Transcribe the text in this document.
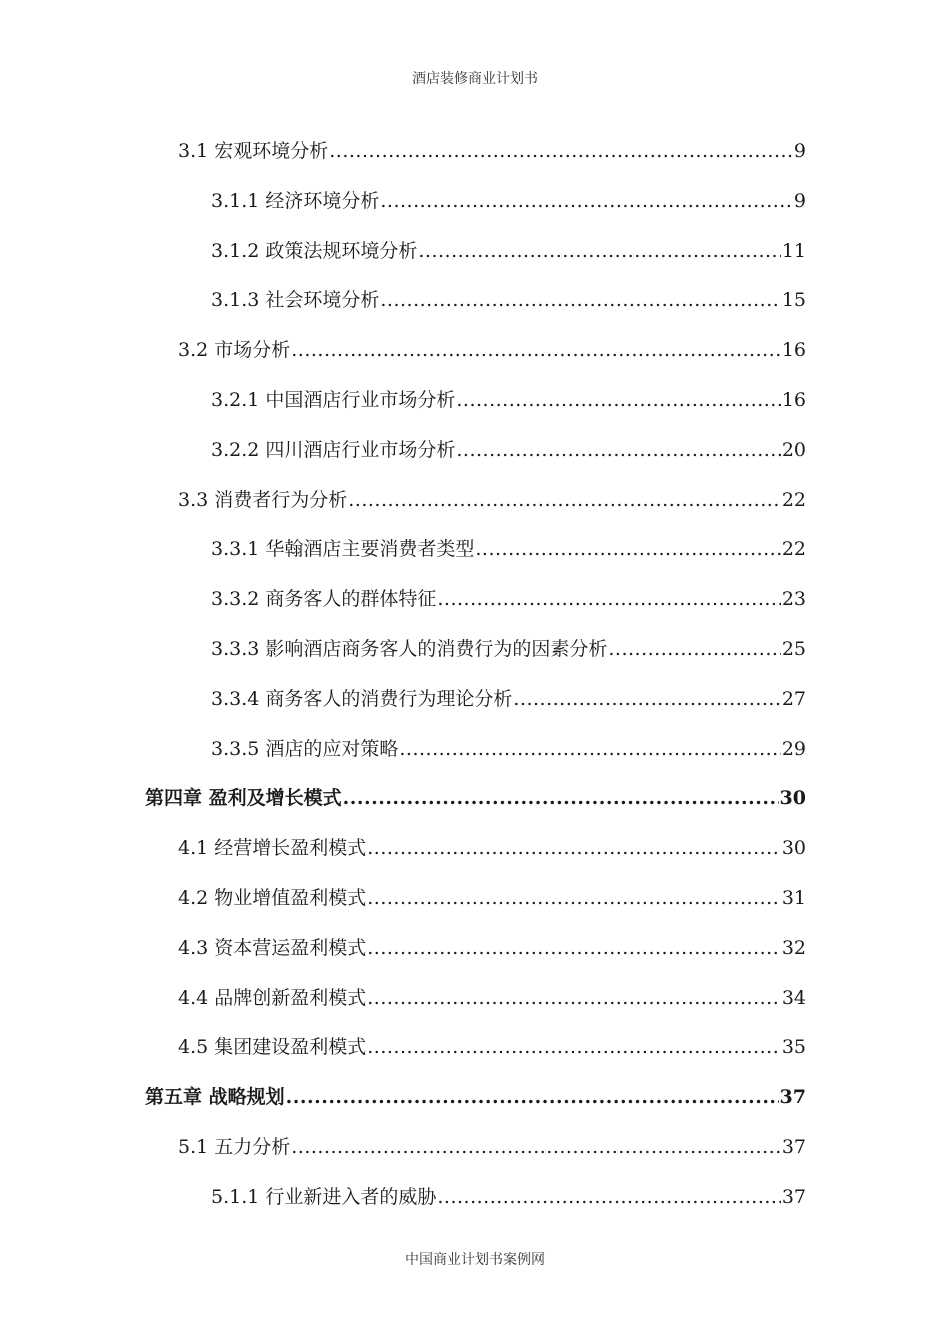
酒店装修商业计划书
3.1 宏观环境分析 .....	9
3.1.1 经济环境分析 .....	9
3.1.2 政策法规环境分析 .....	11
3.1.3 社会环境分析 .....	15
3.2 市场分析 .....	16
3.2.1 中国酒店行业市场分析 .....	16
3.2.2 四川酒店行业市场分析 .....	20
3.3 消费者行为分析 .....	22
3.3.1 华翰酒店主要消费者类型 .....	22
3.3.2 商务客人的群体特征 .....	23
3.3.3 影响酒店商务客人的消费行为的因素分析 .....	25
3.3.4 商务客人的消费行为理论分析 .....	27
3.3.5 酒店的应对策略 .....	29
第四章 盈利及增长模式 .....	30
4.1 经营增长盈利模式 .....	30
4.2 物业增值盈利模式 .....	31
4.3 资本营运盈利模式 .....	32
4.4 品牌创新盈利模式 .....	34
4.5 集团建设盈利模式 .....	35
第五章 战略规划 .....	37
5.1 五力分析 .....	37
5.1.1 行业新进入者的威胁 .....	37
中国商业计划书案例网
